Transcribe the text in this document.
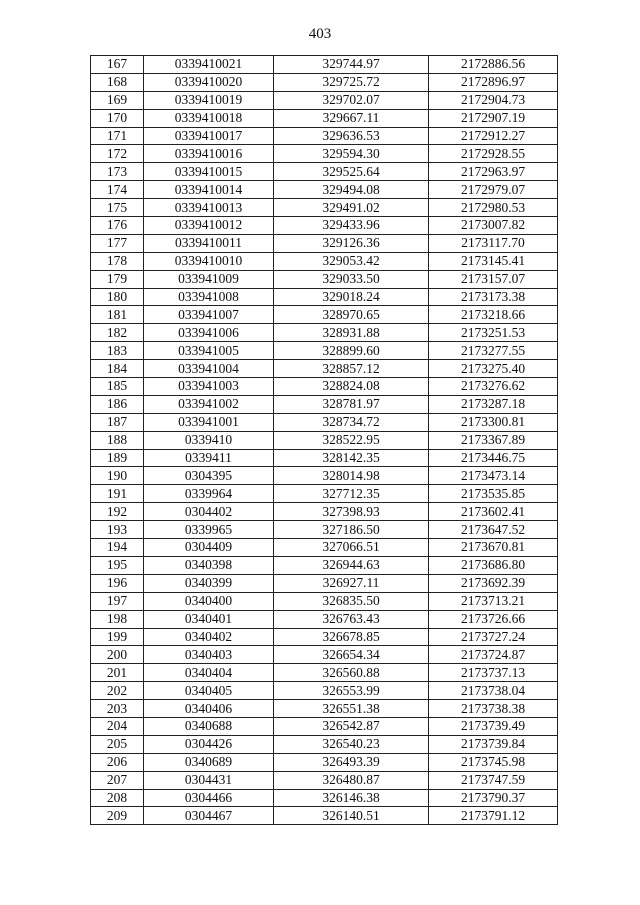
403
167	0339410021	329744.97	2172886.56
168	0339410020	329725.72	2172896.97
169	0339410019	329702.07	2172904.73
170	0339410018	329667.11	2172907.19
171	0339410017	329636.53	2172912.27
172	0339410016	329594.30	2172928.55
173	0339410015	329525.64	2172963.97
174	0339410014	329494.08	2172979.07
175	0339410013	329491.02	2172980.53
176	0339410012	329433.96	2173007.82
177	0339410011	329126.36	2173117.70
178	0339410010	329053.42	2173145.41
179	033941009	329033.50	2173157.07
180	033941008	329018.24	2173173.38
181	033941007	328970.65	2173218.66
182	033941006	328931.88	2173251.53
183	033941005	328899.60	2173277.55
184	033941004	328857.12	2173275.40
185	033941003	328824.08	2173276.62
186	033941002	328781.97	2173287.18
187	033941001	328734.72	2173300.81
188	0339410	328522.95	2173367.89
189	0339411	328142.35	2173446.75
190	0304395	328014.98	2173473.14
191	0339964	327712.35	2173535.85
192	0304402	327398.93	2173602.41
193	0339965	327186.50	2173647.52
194	0304409	327066.51	2173670.81
195	0340398	326944.63	2173686.80
196	0340399	326927.11	2173692.39
197	0340400	326835.50	2173713.21
198	0340401	326763.43	2173726.66
199	0340402	326678.85	2173727.24
200	0340403	326654.34	2173724.87
201	0340404	326560.88	2173737.13
202	0340405	326553.99	2173738.04
203	0340406	326551.38	2173738.38
204	0340688	326542.87	2173739.49
205	0304426	326540.23	2173739.84
206	0340689	326493.39	2173745.98
207	0304431	326480.87	2173747.59
208	0304466	326146.38	2173790.37
209	0304467	326140.51	2173791.12
